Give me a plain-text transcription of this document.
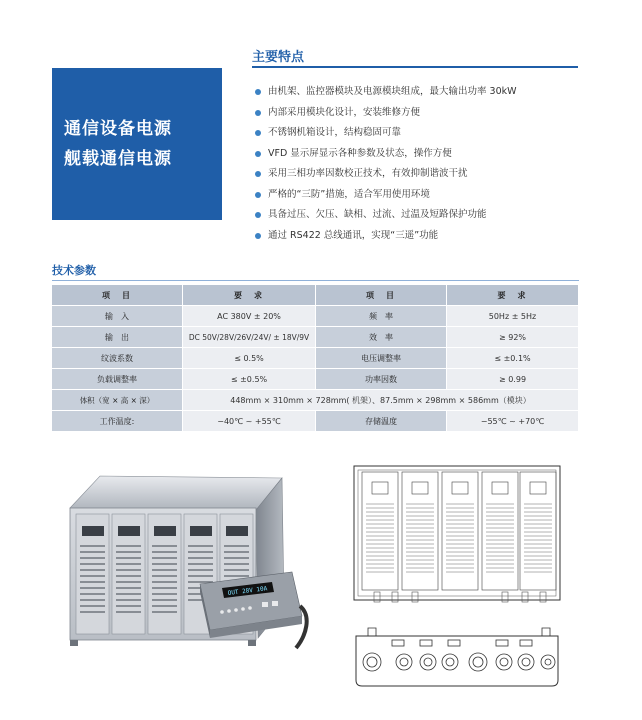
通信设备电源
舰载通信电源
主要特点
由机架、监控器模块及电源模块组成，最大输出功率 30kW
内部采用模块化设计，安装维修方便
不锈钢机箱设计，结构稳固可靠
VFD 显示屏显示各种参数及状态，操作方便
采用三相功率因数校正技术，有效抑制谐波干扰
严格的“三防”措施，适合军用使用环境
具备过压、欠压、缺相、过流、过温及短路保护功能
通过 RS422 总线通讯，实现“三遥”功能
技术参数
项　目	要　求	项　目	要　求
输　入	AC 380V ± 20%	频　率	50Hz ± 5Hz
输　出	DC 50V/28V/26V/24V/ ± 18V/9V	效　率	≥ 92%
纹波系数	≤ 0.5%	电压调整率	≤ ±0.1%
负载调整率	≤ ±0.5%	功率因数	≥ 0.99
体积（宽 × 高 × 深）	448mm × 310mm × 728mm( 机架）、87.5mm × 298mm × 586mm（模块）		
工作温度:	−40℃ ~ +55℃	存储温度	−55℃ ~ +70℃
OUT 28V 10A
